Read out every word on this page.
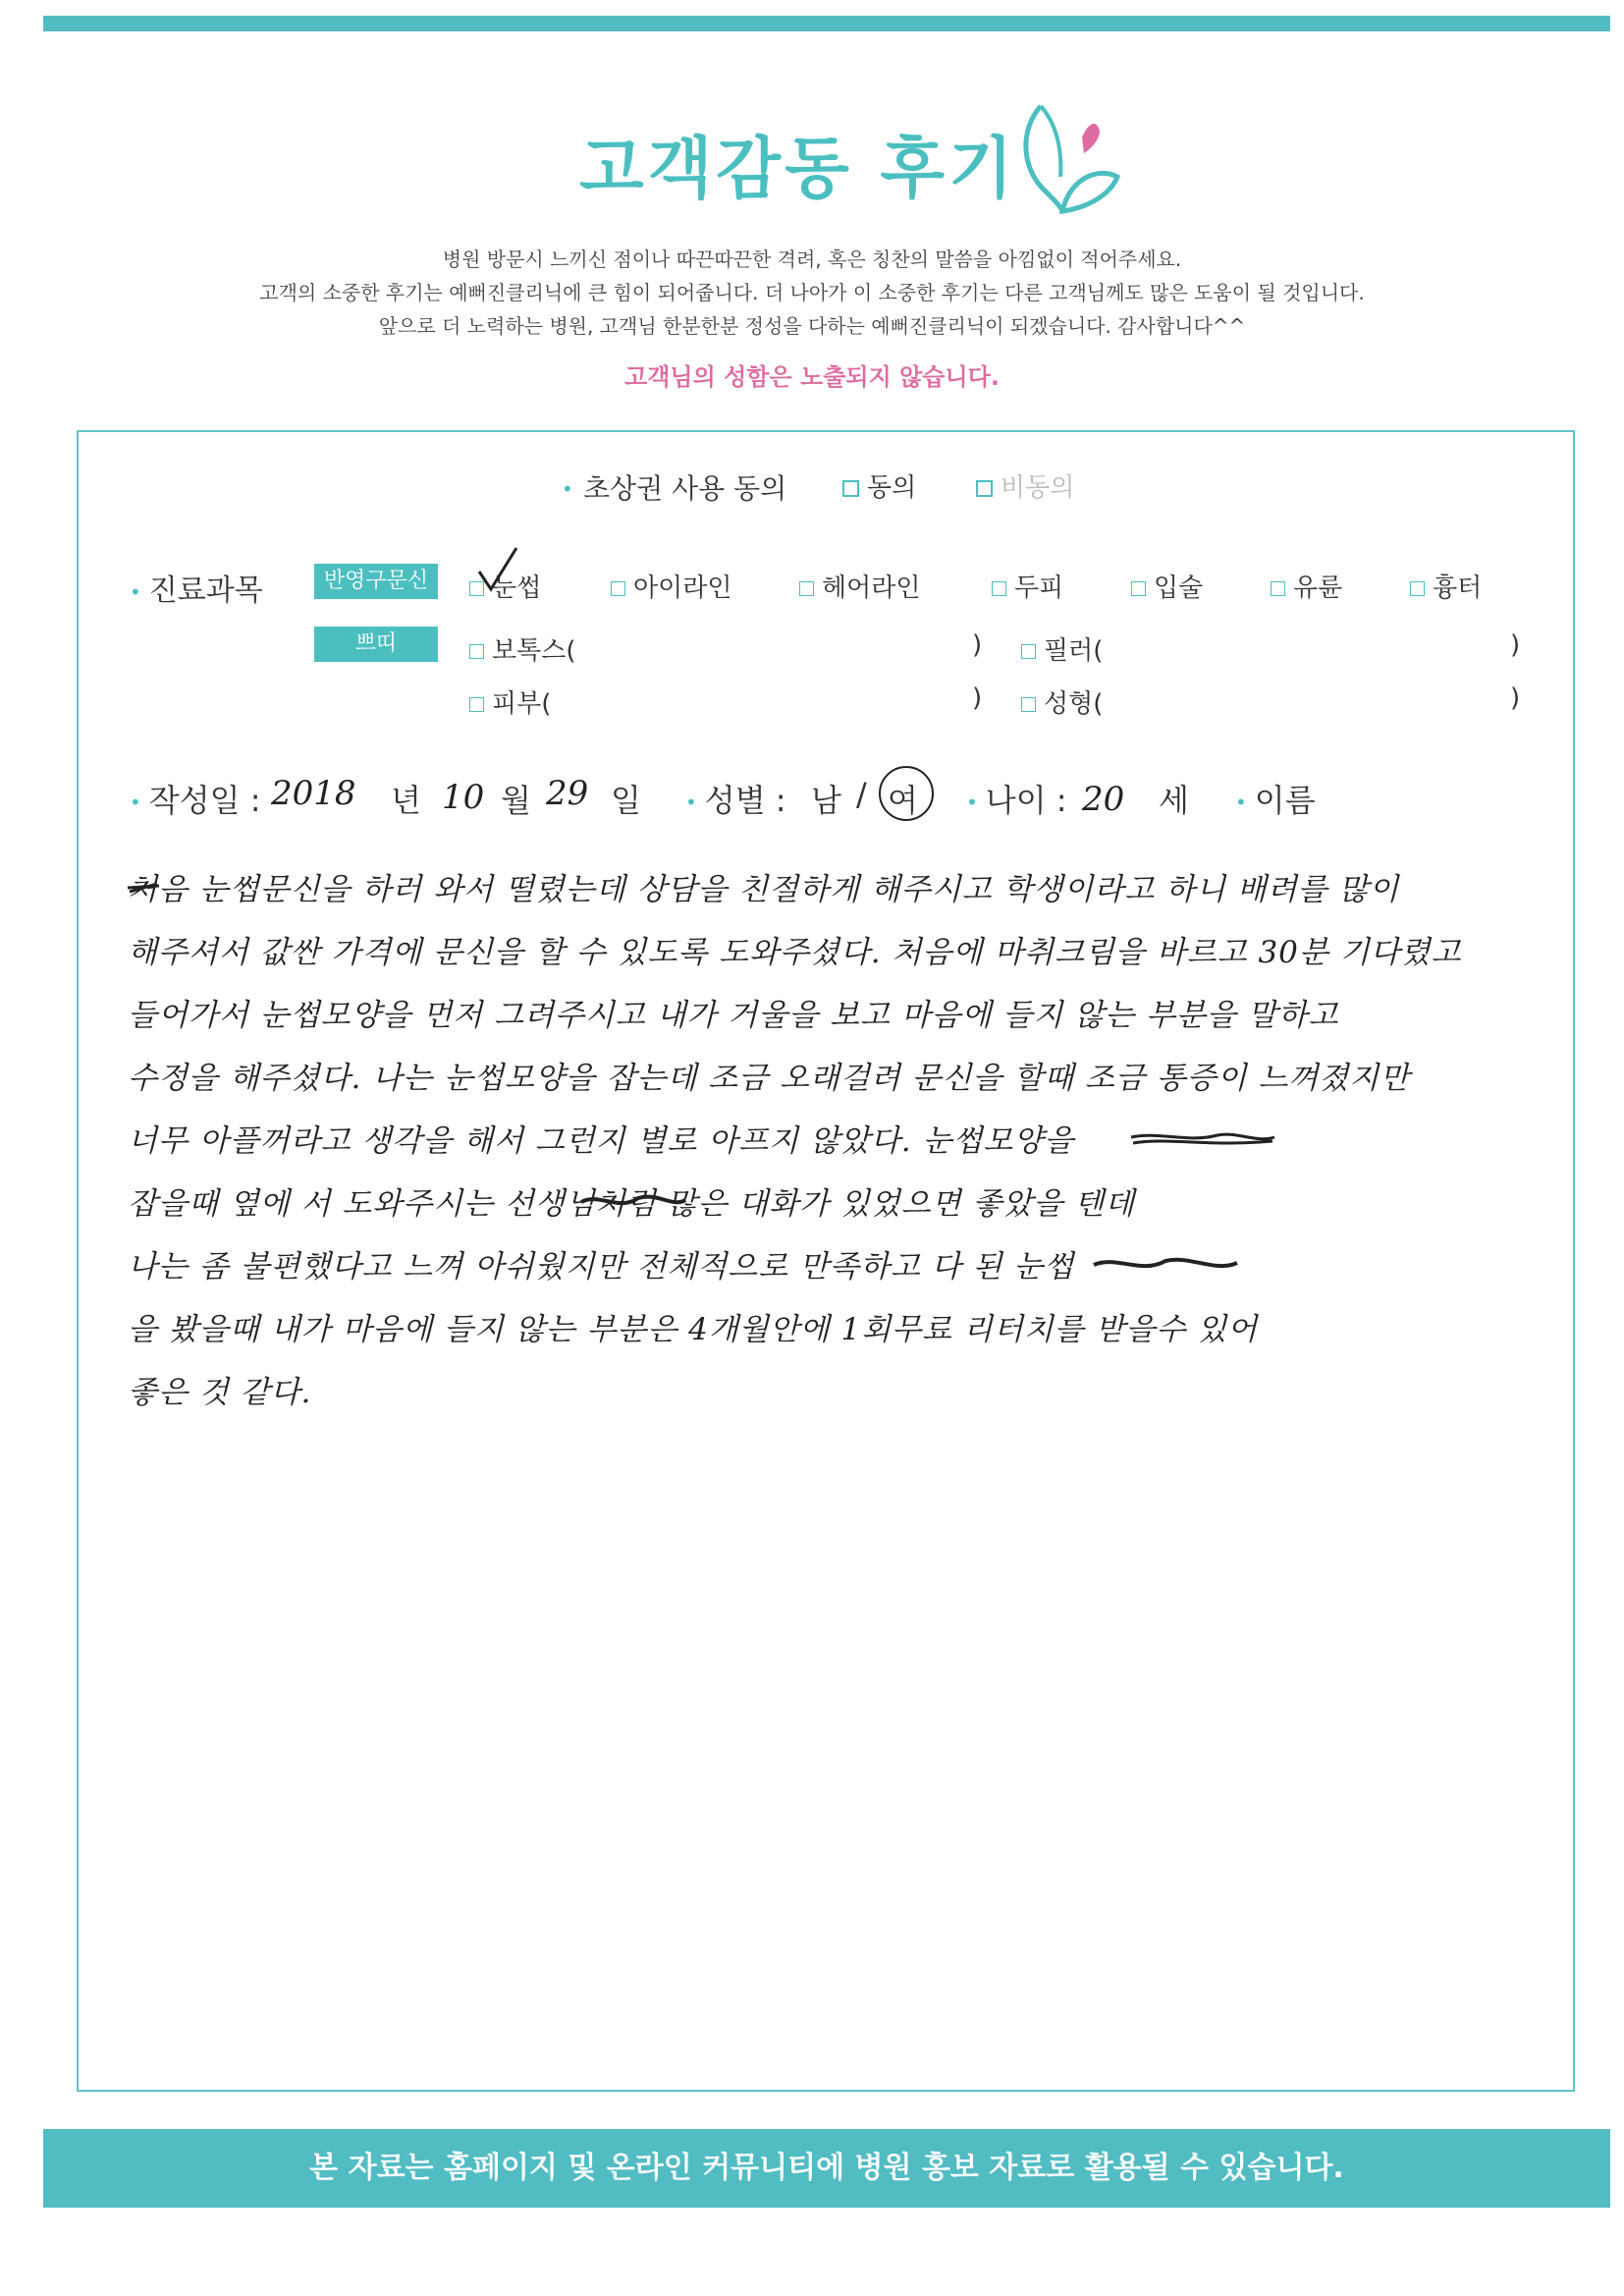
고객감동 후기
병원 방문시 느끼신 점이나 따끈따끈한 격려, 혹은 칭찬의 말씀을 아낌없이 적어주세요.
고객의 소중한 후기는 예뻐진클리닉에 큰 힘이 되어줍니다. 더 나아가 이 소중한 후기는 다른 고객님께도 많은 도움이 될 것입니다.
앞으로 더 노력하는 병원, 고객님 한분한분 정성을 다하는 예뻐진클리닉이 되겠습니다. 감사합니다^^
고객님의 성함은 노출되지 않습니다.
• 초상권 사용 동의	동의	비동의
• 진료과목	반영구문신	눈썹	아이라인	헤어라인	두피	입술	유륜	흉터
쁘띠	보톡스(	)	필러(	)
피부(	)	성형(	)
• 작성일 : 2018 년 10 월 29 일 • 성별 : 남 / 여 • 나이 : 20 세 • 이름
처음 눈썹문신을 하러 와서 떨렸는데 상담을 친절하게 해주시고 학생이라고 하니 배려를 많이
해주셔서 값싼 가격에 문신을 할 수 있도록 도와주셨다. 처음에 마취크림을 바르고 30분 기다렸고
들어가서 눈썹모양을 먼저 그려주시고 내가 거울을 보고 마음에 들지 않는 부분을 말하고
수정을 해주셨다. 나는 눈썹모양을 잡는데 조금 오래걸려 문신을 할때 조금 통증이 느껴졌지만
너무 아플꺼라고 생각을 해서 그런지 별로 아프지 않았다. 눈썹모양을
잡을때 옆에 서 도와주시는 선생님처럼 많은 대화가 있었으면 좋았을 텐데
나는 좀 불편했다고 느껴 아쉬웠지만 전체적으로 만족하고 다 된 눈썹
을 봤을때 내가 마음에 들지 않는 부분은 4개월안에 1회무료 리터치를 받을수 있어
좋은 것 같다.
본 자료는 홈페이지 및 온라인 커뮤니티에 병원 홍보 자료로 활용될 수 있습니다.
